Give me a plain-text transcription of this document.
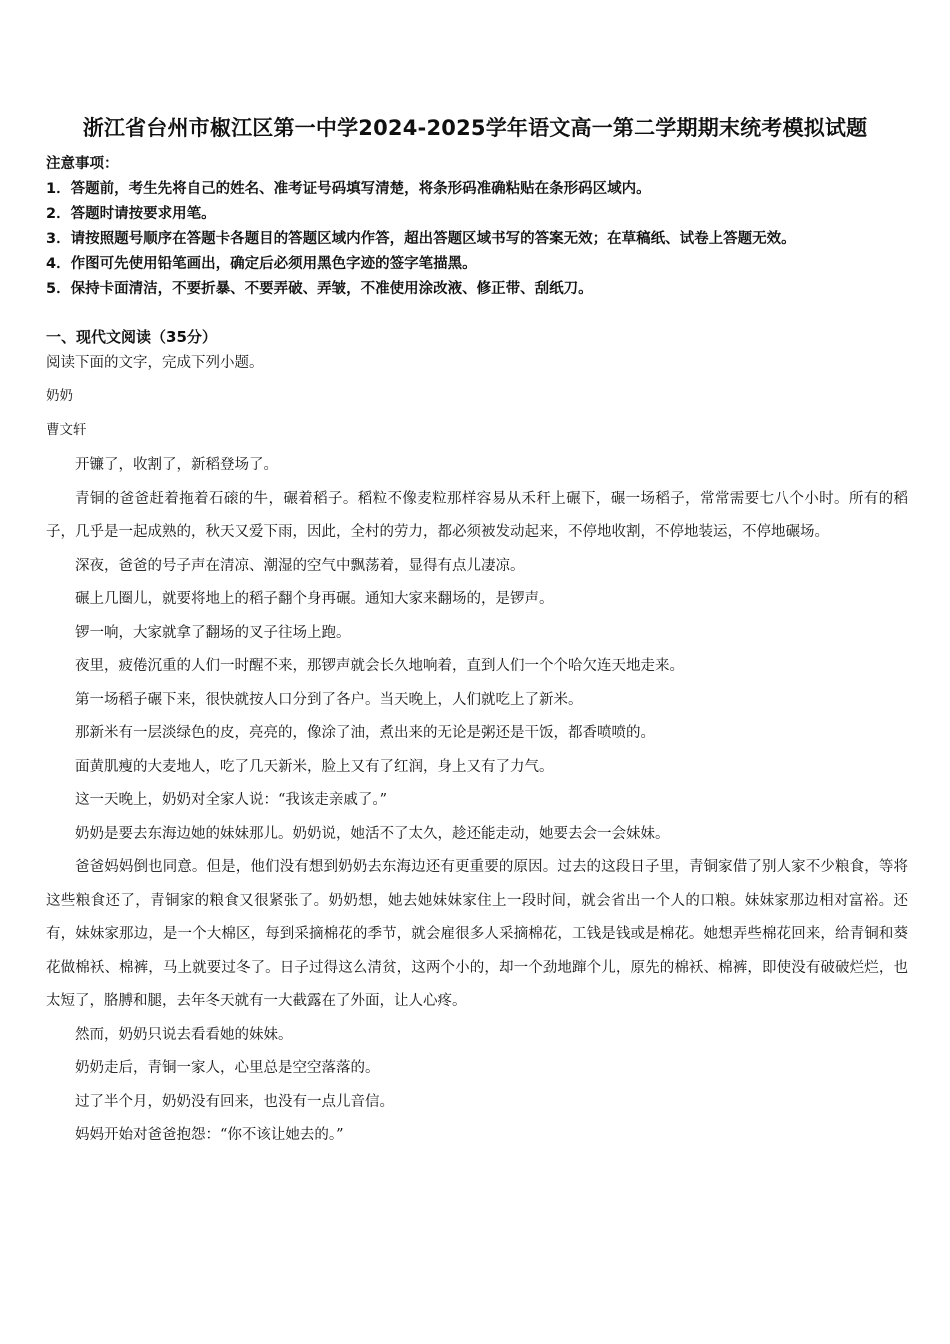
浙江省台州市椒江区第一中学2024-2025学年语文高一第二学期期末统考模拟试题
注意事项：
1．答题前，考生先将自己的姓名、准考证号码填写清楚，将条形码准确粘贴在条形码区域内。
2．答题时请按要求用笔。
3．请按照题号顺序在答题卡各题目的答题区域内作答，超出答题区域书写的答案无效；在草稿纸、试卷上答题无效。
4．作图可先使用铅笔画出，确定后必须用黑色字迹的签字笔描黑。
5．保持卡面清洁，不要折暴、不要弄破、弄皱，不准使用涂改液、修正带、刮纸刀。
一、现代文阅读（35分）
阅读下面的文字，完成下列小题。
奶奶
曹文轩

开镰了，收割了，新稻登场了。

青铜的爸爸赶着拖着石磙的牛，碾着稻子。稻粒不像麦粒那样容易从禾秆上碾下，碾一场稻子，常常需要七八个小时。所有的稻子，几乎是一起成熟的，秋天又爱下雨，因此，全村的劳力，都必须被发动起来，不停地收割，不停地装运，不停地碾场。

深夜，爸爸的号子声在清凉、潮湿的空气中飘荡着，显得有点儿凄凉。

碾上几圈儿，就要将地上的稻子翻个身再碾。通知大家来翻场的，是锣声。

锣一响，大家就拿了翻场的叉子往场上跑。

夜里，疲倦沉重的人们一时醒不来，那锣声就会长久地响着，直到人们一个个哈欠连天地走来。

第一场稻子碾下来，很快就按人口分到了各户。当天晚上，人们就吃上了新米。

那新米有一层淡绿色的皮，亮亮的，像涂了油，煮出来的无论是粥还是干饭，都香喷喷的。

面黄肌瘦的大麦地人，吃了几天新米，脸上又有了红润，身上又有了力气。

这一天晚上，奶奶对全家人说：“我该走亲戚了。”

奶奶是要去东海边她的妹妹那儿。奶奶说，她活不了太久，趁还能走动，她要去会一会妹妹。

爸爸妈妈倒也同意。但是，他们没有想到奶奶去东海边还有更重要的原因。过去的这段日子里，青铜家借了别人家不少粮食，等将这些粮食还了，青铜家的粮食又很紧张了。奶奶想，她去她妹妹家住上一段时间，就会省出一个人的口粮。妹妹家那边相对富裕。还有，妹妹家那边，是一个大棉区，每到采摘棉花的季节，就会雇很多人采摘棉花，工钱是钱或是棉花。她想弄些棉花回来，给青铜和葵花做棉袄、棉裤，马上就要过冬了。日子过得这么清贫，这两个小的，却一个劲地蹿个儿，原先的棉袄、棉裤，即使没有破破烂烂，也太短了，胳膊和腿，去年冬天就有一大截露在了外面，让人心疼。

然而，奶奶只说去看看她的妹妹。

奶奶走后，青铜一家人，心里总是空空落落的。

过了半个月，奶奶没有回来，也没有一点儿音信。

妈妈开始对爸爸抱怨：“你不该让她去的。”
